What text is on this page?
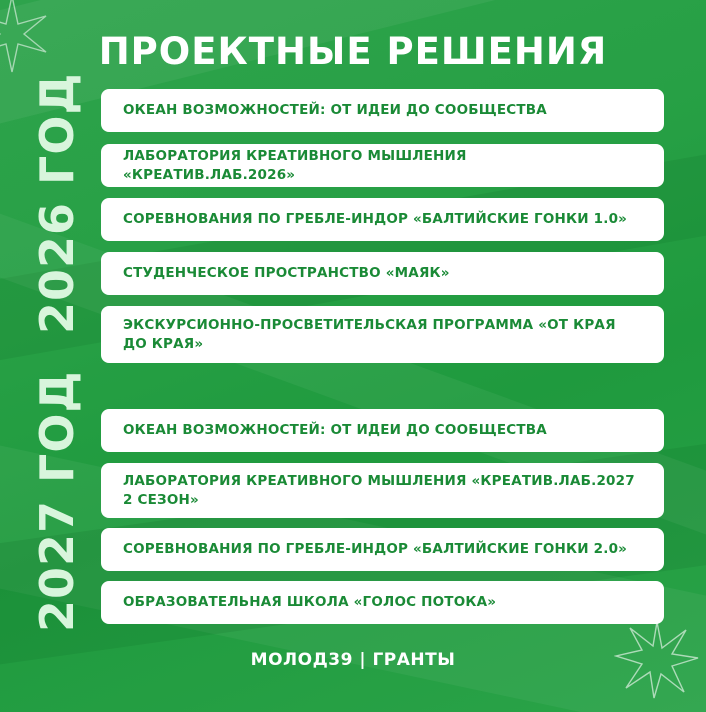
ПРОЕКТНЫЕ РЕШЕНИЯ
2026 ГОД
2027 ГОД
ОКЕАН ВОЗМОЖНОСТЕЙ: ОТ ИДЕИ ДО СООБЩЕСТВА
ЛАБОРАТОРИЯ КРЕАТИВНОГО МЫШЛЕНИЯ «КРЕАТИВ.ЛАБ.2026»
СОРЕВНОВАНИЯ ПО ГРЕБЛЕ-ИНДОР «БАЛТИЙСКИЕ ГОНКИ 1.0»
СТУДЕНЧЕСКОЕ ПРОСТРАНСТВО «МАЯК»
ЭКСКУРСИОННО-ПРОСВЕТИТЕЛЬСКАЯ ПРОГРАММА «ОТ КРАЯ ДО КРАЯ»
ОКЕАН ВОЗМОЖНОСТЕЙ: ОТ ИДЕИ ДО СООБЩЕСТВА
ЛАБОРАТОРИЯ КРЕАТИВНОГО МЫШЛЕНИЯ «КРЕАТИВ.ЛАБ.2027 2 СЕЗОН»
СОРЕВНОВАНИЯ ПО ГРЕБЛЕ-ИНДОР «БАЛТИЙСКИЕ ГОНКИ 2.0»
ОБРАЗОВАТЕЛЬНАЯ ШКОЛА «ГОЛОС ПОТОКА»
МОЛОД39 | ГРАНТЫ
